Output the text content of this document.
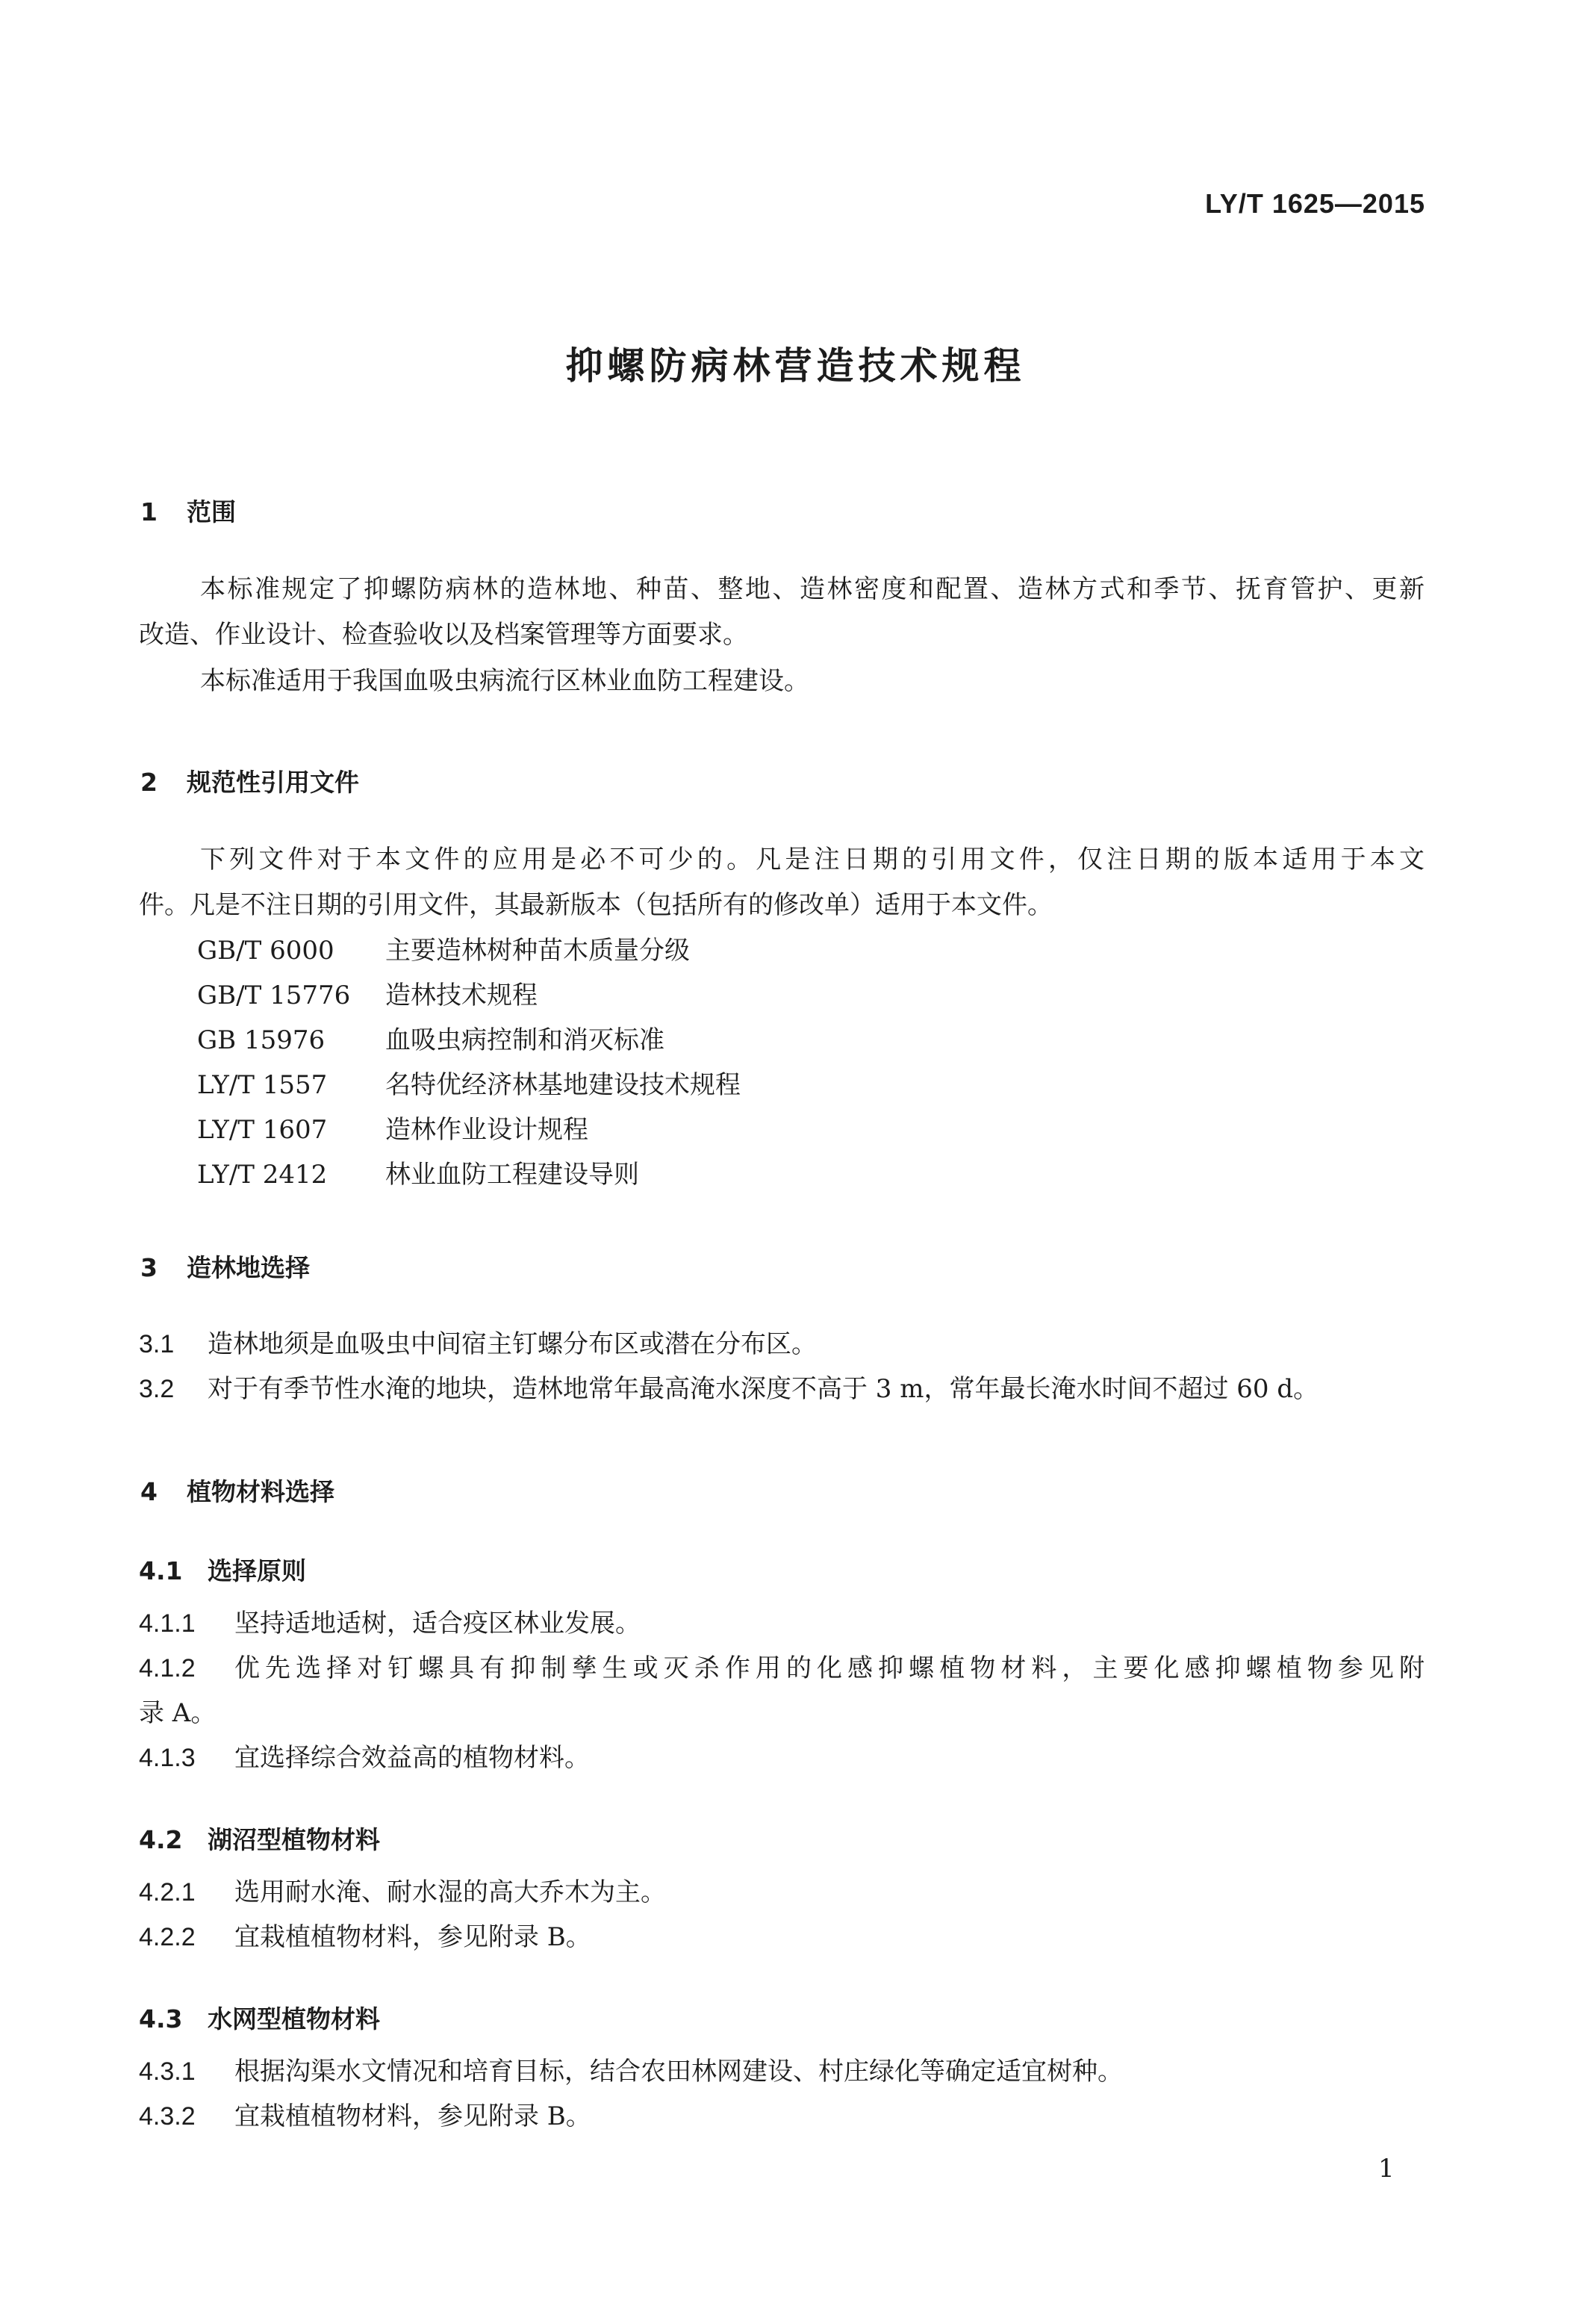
LY/T 1625—2015
抑螺防病林营造技术规程
1 范围
本标准规定了抑螺防病林的造林地、种苗、整地、造林密度和配置、造林方式和季节、抚育管护、更新
改造、作业设计、检查验收以及档案管理等方面要求。
本标准适用于我国血吸虫病流行区林业血防工程建设。
2 规范性引用文件
下列文件对于本文件的应用是必不可少的。凡是注日期的引用文件，仅注日期的版本适用于本文
件。凡是不注日期的引用文件，其最新版本（包括所有的修改单）适用于本文件。
GB/T 6000 主要造林树种苗木质量分级
GB/T 15776 造林技术规程
GB 15976 血吸虫病控制和消灭标准
LY/T 1557 名特优经济林基地建设技术规程
LY/T 1607 造林作业设计规程
LY/T 2412 林业血防工程建设导则
3 造林地选择
3.1 造林地须是血吸虫中间宿主钉螺分布区或潜在分布区。
3.2 对于有季节性水淹的地块，造林地常年最高淹水深度不高于 3 m，常年最长淹水时间不超过 60 d。
4 植物材料选择
4.1 选择原则
4.1.1 坚持适地适树，适合疫区林业发展。
4.1.2	优先选择对钉螺具有抑制孳生或灭杀作用的化感抑螺植物材料，主要化感抑螺植物参见附
录 A。
4.1.3 宜选择综合效益高的植物材料。
4.2 湖沼型植物材料
4.2.1 选用耐水淹、耐水湿的高大乔木为主。
4.2.2 宜栽植植物材料，参见附录 B。
4.3 水网型植物材料
4.3.1 根据沟渠水文情况和培育目标，结合农田林网建设、村庄绿化等确定适宜树种。
4.3.2 宜栽植植物材料，参见附录 B。
1
